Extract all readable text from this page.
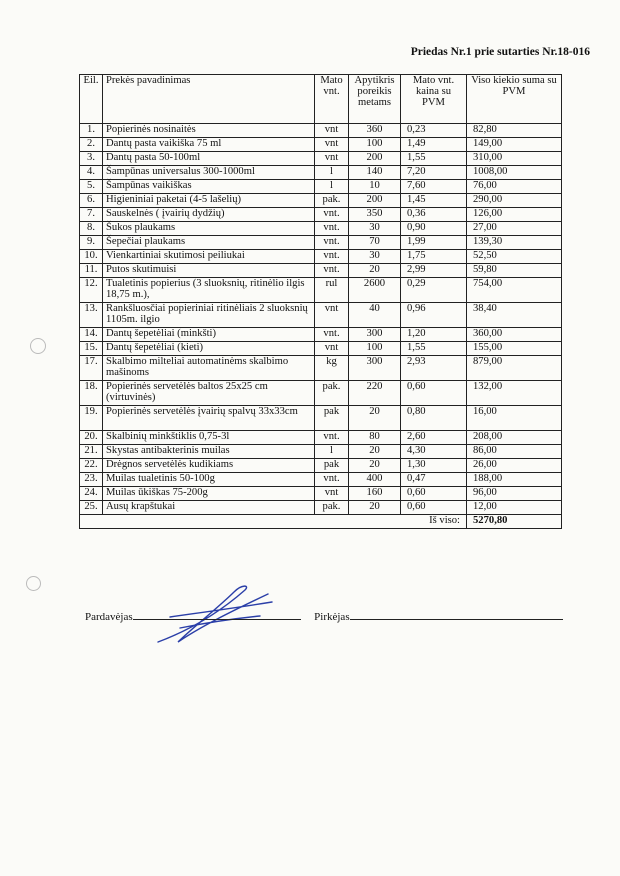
Priedas Nr.1 prie sutarties Nr.18-016
Eil.	Prekės pavadinimas	Mato vnt.	Apytikris poreikis metams	Mato vnt. kaina su PVM	Viso kiekio suma su PVM
1.	Popierinės nosinaitės	vnt	360	0,23	82,80
2.	Dantų pasta vaikiška 75 ml	vnt	100	1,49	149,00
3.	Dantų pasta 50-100ml	vnt	200	1,55	310,00
4.	Šampūnas universalus 300-1000ml	l	140	7,20	1008,00
5.	Šampūnas vaikiškas	l	10	7,60	76,00
6.	Higieniniai paketai (4-5 lašelių)	pak.	200	1,45	290,00
7.	Sauskelnės ( įvairių dydžių)	vnt.	350	0,36	126,00
8.	Šukos plaukams	vnt.	30	0,90	27,00
9.	Šepečiai plaukams	vnt.	70	1,99	139,30
10.	Vienkartiniai skutimosi peiliukai	vnt.	30	1,75	52,50
11.	Putos skutimuisi	vnt.	20	2,99	59,80
12.	Tualetinis popierius (3 sluoksnių, ritinėlio ilgis 18,75 m.),	rul	2600	0,29	754,00
13.	Rankšluosčiai popieriniai ritinėliais 2 sluoksnių 1105m. ilgio	vnt	40	0,96	38,40
14.	Dantų šepetėliai (minkšti)	vnt.	300	1,20	360,00
15.	Dantų šepetėliai (kieti)	vnt	100	1,55	155,00
17.	Skalbimo milteliai automatinėms skalbimo mašinoms	kg	300	2,93	879,00
18.	Popierinės servetėlės baltos 25x25 cm (virtuvinės)	pak.	220	0,60	132,00
19.	Popierinės servetėlės įvairių spalvų 33x33cm	pak	20	0,80	16,00
20.	Skalbinių minkštiklis 0,75-3l	vnt.	80	2,60	208,00
21.	Skystas antibakterinis muilas	l	20	4,30	86,00
22.	Drėgnos servetėlės kudikiams	pak	20	1,30	26,00
23.	Muilas tualetinis 50-100g	vnt.	400	0,47	188,00
24.	Muilas ūkiškas 75-200g	vnt	160	0,60	96,00
25.	Ausų krapštukai	pak.	20	0,60	12,00
Iš viso:					5270,80
Pardavėjas	Pirkėjas
